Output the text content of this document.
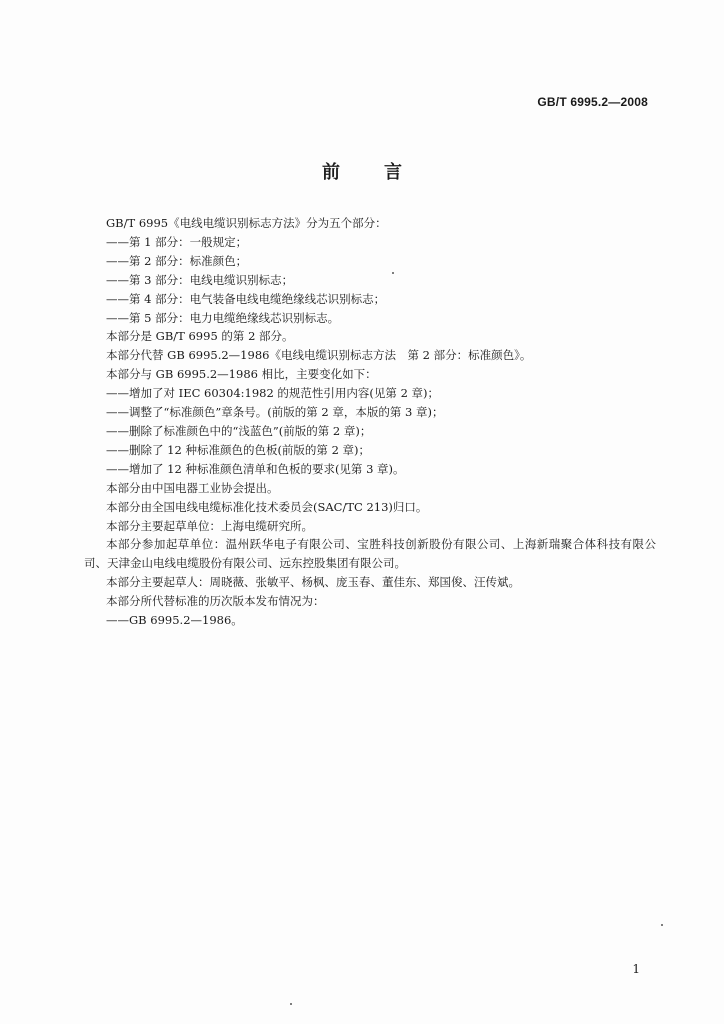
GB/T 6995.2—2008
前言
GB/T 6995《电线电缆识别标志方法》分为五个部分：
——第 1 部分：一般规定；
——第 2 部分：标准颜色；
——第 3 部分：电线电缆识别标志；
——第 4 部分：电气装备电线电缆绝缘线芯识别标志；
——第 5 部分：电力电缆绝缘线芯识别标志。
本部分是 GB/T 6995 的第 2 部分。
本部分代替 GB 6995.2—1986《电线电缆识别标志方法　第 2 部分：标准颜色》。
本部分与 GB 6995.2—1986 相比，主要变化如下：
——增加了对 IEC 60304:1982 的规范性引用内容(见第 2 章)；
——调整了“标准颜色”章条号。(前版的第 2 章，本版的第 3 章)；
——删除了标准颜色中的“浅蓝色”(前版的第 2 章)；
——删除了 12 种标准颜色的色板(前版的第 2 章)；
——增加了 12 种标准颜色清单和色板的要求(见第 3 章)。
本部分由中国电器工业协会提出。
本部分由全国电线电缆标准化技术委员会(SAC/TC 213)归口。
本部分主要起草单位：上海电缆研究所。
本部分参加起草单位：温州跃华电子有限公司、宝胜科技创新股份有限公司、上海新瑞聚合体科技有限公司、天津金山电线电缆股份有限公司、远东控股集团有限公司。
本部分主要起草人：周晓薇、张敏平、杨枫、庞玉春、董佳东、郑国俊、汪传斌。
本部分所代替标准的历次版本发布情况为：
——GB 6995.2—1986。
1
